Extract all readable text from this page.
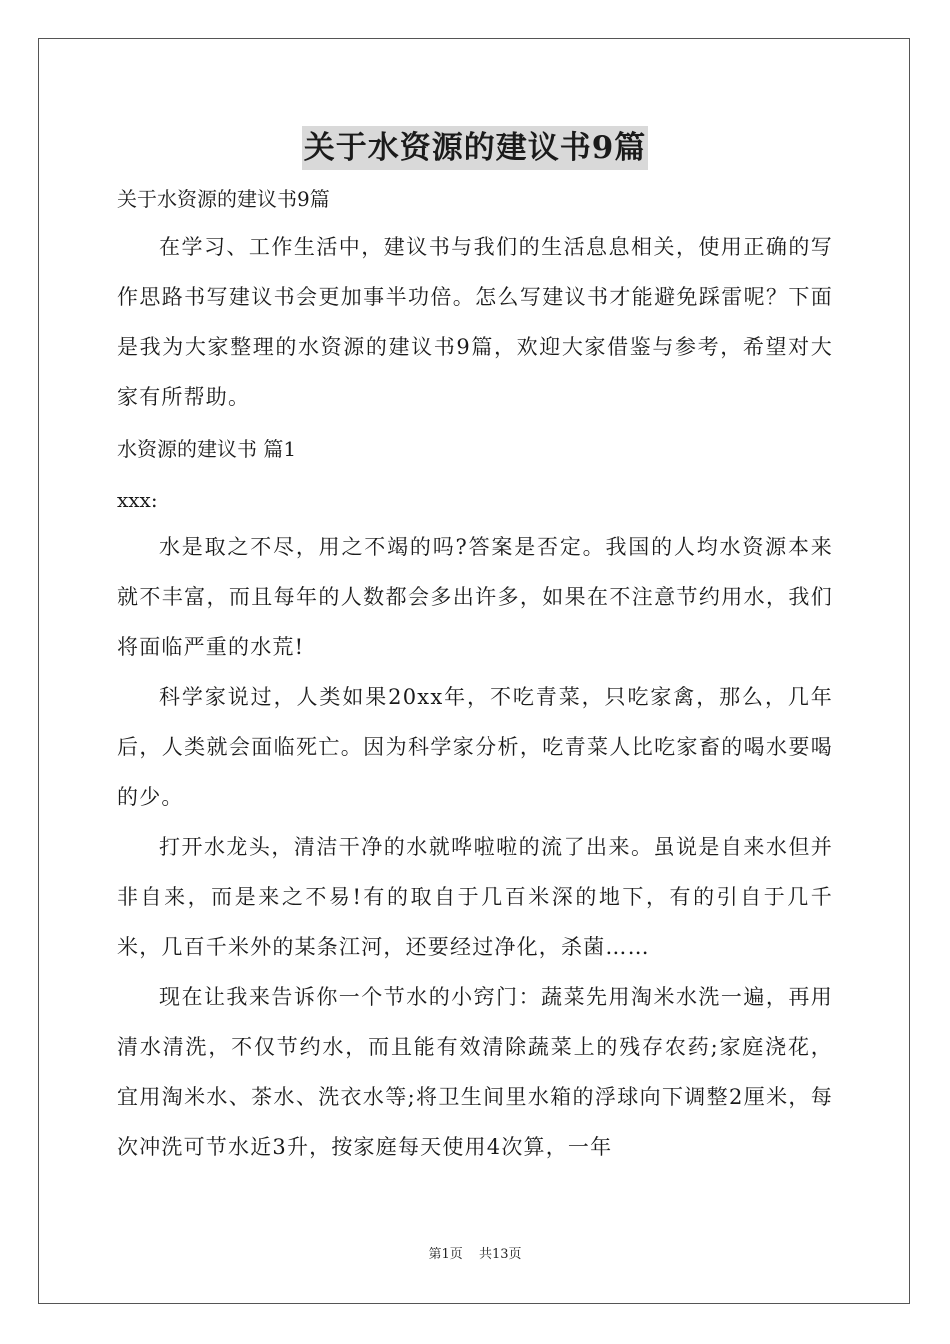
关于水资源的建议书9篇
关于水资源的建议书9篇

在学习、工作生活中，建议书与我们的生活息息相关，使用正确的写作思路书写建议书会更加事半功倍。怎么写建议书才能避免踩雷呢？下面是我为大家整理的水资源的建议书9篇，欢迎大家借鉴与参考，希望对大家有所帮助。

水资源的建议书 篇1
xxx:

水是取之不尽，用之不竭的吗?答案是否定。我国的人均水资源本来就不丰富，而且每年的人数都会多出许多，如果在不注意节约用水，我们将面临严重的水荒!

科学家说过，人类如果20xx年，不吃青菜，只吃家禽，那么，几年后，人类就会面临死亡。因为科学家分析，吃青菜人比吃家畜的喝水要喝的少。

打开水龙头，清洁干净的水就哗啦啦的流了出来。虽说是自来水但并非自来，而是来之不易!有的取自于几百米深的地下，有的引自于几千米，几百千米外的某条江河，还要经过净化，杀菌……

现在让我来告诉你一个节水的小窍门：蔬菜先用淘米水洗一遍，再用清水清洗，不仅节约水，而且能有效清除蔬菜上的残存农药;家庭浇花，宜用淘米水、茶水、洗衣水等;将卫生间里水箱的浮球向下调整2厘米，每次冲洗可节水近3升，按家庭每天使用4次算，一年

第1页 共13页
